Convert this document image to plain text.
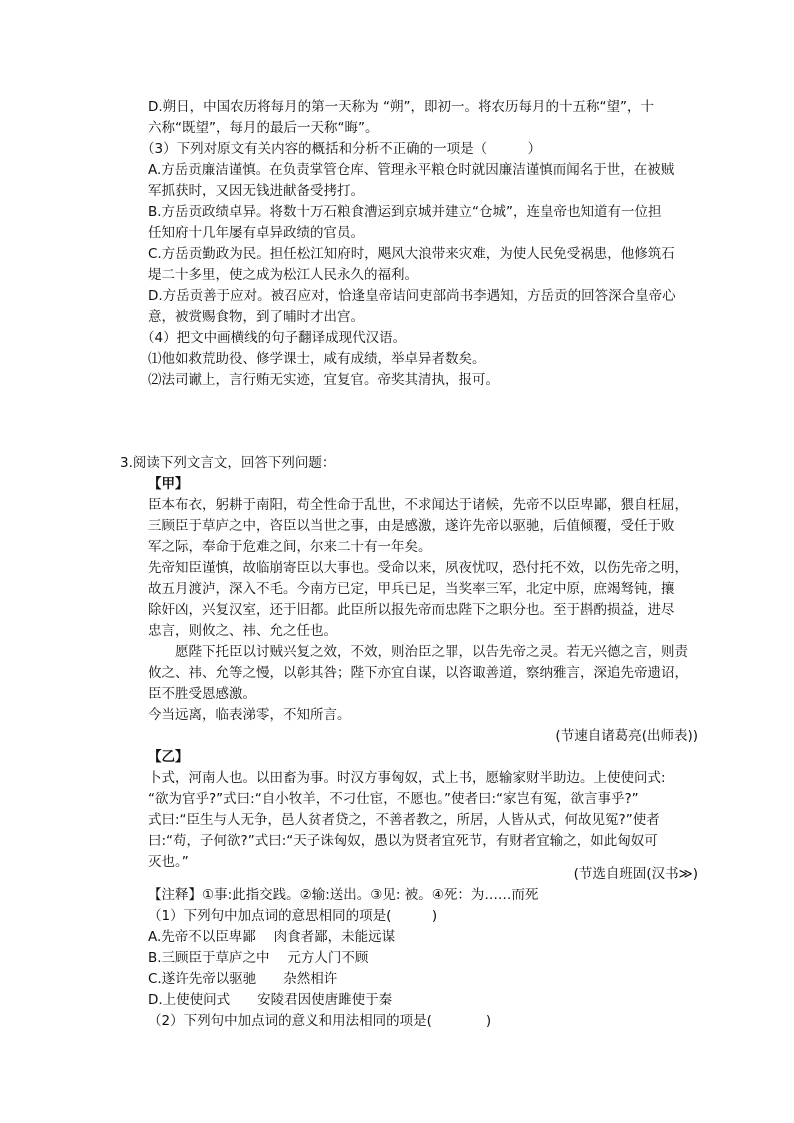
D.朔日，中国农历将每月的第一天称为 “朔”，即初一。将农历每月的十五称“望”，十
六称“既望”，每月的最后一天称“晦”。
（3）下列对原文有关内容的概括和分析不正确的一项是（　　　）
A.方岳贡廉洁谨慎。在负责掌管仓库、管理永平粮仓时就因廉洁谨慎而闻名于世，在被贼
军抓获时，又因无钱进献备受拷打。
B.方岳贡政绩卓异。将数十万石粮食漕运到京城并建立“仓城”，连皇帝也知道有一位担
任知府十几年屡有卓异政绩的官员。
C.方岳贡勤政为民。担任松江知府时，飓风大浪带来灾难，为使人民免受祸患，他修筑石
堤二十多里，使之成为松江人民永久的福利。
D.方岳贡善于应对。被召应对，恰逢皇帝诘问吏部尚书李遇知，方岳贡的回答深合皇帝心
意，被赏赐食物，到了晡时才出宫。
（4）把文中画横线的句子翻译成现代汉语。
⑴他如救荒助役、修学课士，咸有成绩，举卓异者数矣。
⑵法司谳上，言行贿无实迹，宜复官。帝奖其清执，报可。
3.阅读下列文言文，回答下列问题：
【甲】
臣本布衣，躬耕于南阳，苟全性命于乱世，不求闻达于诸候，先帝不以臣卑鄙，猥自枉屈，
三顾臣于草庐之中，咨臣以当世之事，由是感激，遂许先帝以驱驰，后值倾覆，受任于败
军之际，奉命于危难之间，尔来二十有一年矣。
先帝知臣谨慎，故临崩寄臣以大事也。受命以来，夙夜忧叹，恐付托不效，以伤先帝之明，
故五月渡泸，深入不毛。今南方已定，甲兵已足，当奖率三军，北定中原，庶竭驽钝，攘
除奸凶，兴复汉室，还于旧都。此臣所以报先帝而忠陛下之职分也。至于斟酌损益，进尽
忠言，则攸之、祎、允之任也。
　　愿陛下托臣以讨贼兴复之效，不效，则治臣之罪，以告先帝之灵。若无兴德之言，则责
攸之、祎、允等之慢，以彰其咎；陛下亦宜自谋，以咨诹善道，察纳雅言，深追先帝遗诏，
臣不胜受恩感激。
今当远离，临表涕零，不知所言。
(节速自诸葛亮(出师表))
【乙】
卜式，河南人也。以田畜为事。时汉方事匈奴，式上书，愿输家财半助边。上使使问式:
“欲为官乎?”式曰:“自小牧羊，不刁仕宦，不愿也。”使者曰:“家岂有冤，欲言事乎?”
式曰:“臣生与人无争，邑人贫者贷之，不善者教之，所居，人皆从式，何故见冤?”使者
曰:“苟，子何欲?”式曰:“天子诛匈奴，愚以为贤者宜死节，有财者宜输之，如此匈奴可
灭也。”
(节选自班固(汉书≫)
【注释】①事:此指交践。②输:送出。③见: 被。④死：为……而死
（1）下列句中加点词的意思相同的项是(　　　)
A.先帝不以臣卑鄙　 肉食者鄙，未能远谋
B.三顾臣于草庐之中　 元方人门不顾
C.遂许先帝以驱驰　　杂然相许
D.上使使问式　　安陵君因使唐雎使于秦
（2）下列句中加点词的意义和用法相同的项是(　　　　)
